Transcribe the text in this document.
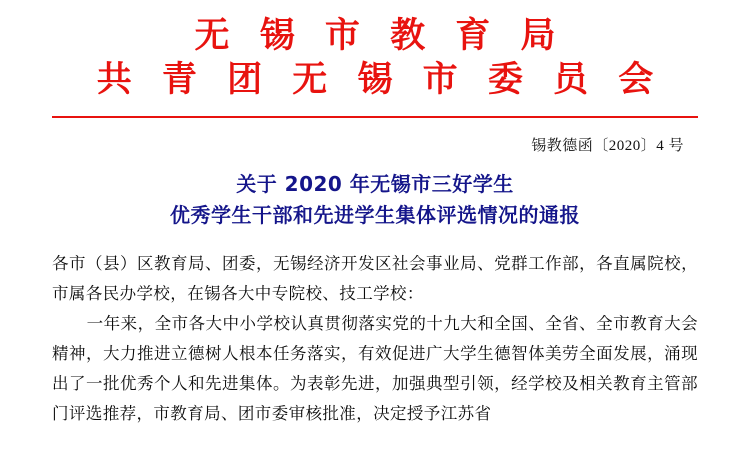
无 锡 市 教 育 局
共 青 团 无 锡 市 委 员 会
锡教德函〔2020〕4 号
关于 2020 年无锡市三好学生
优秀学生干部和先进学生集体评选情况的通报

各市（县）区教育局、团委，无锡经济开发区社会事业局、党群工作部，各直属院校，市属各民办学校，在锡各大中专院校、技工学校：

一年来，全市各大中小学校认真贯彻落实党的十九大和全国、全省、全市教育大会精神，大力推进立德树人根本任务落实，有效促进广大学生德智体美劳全面发展，涌现出了一批优秀个人和先进集体。为表彰先进，加强典型引领，经学校及相关教育主管部门评选推荐，市教育局、团市委审核批准，决定授予江苏省
